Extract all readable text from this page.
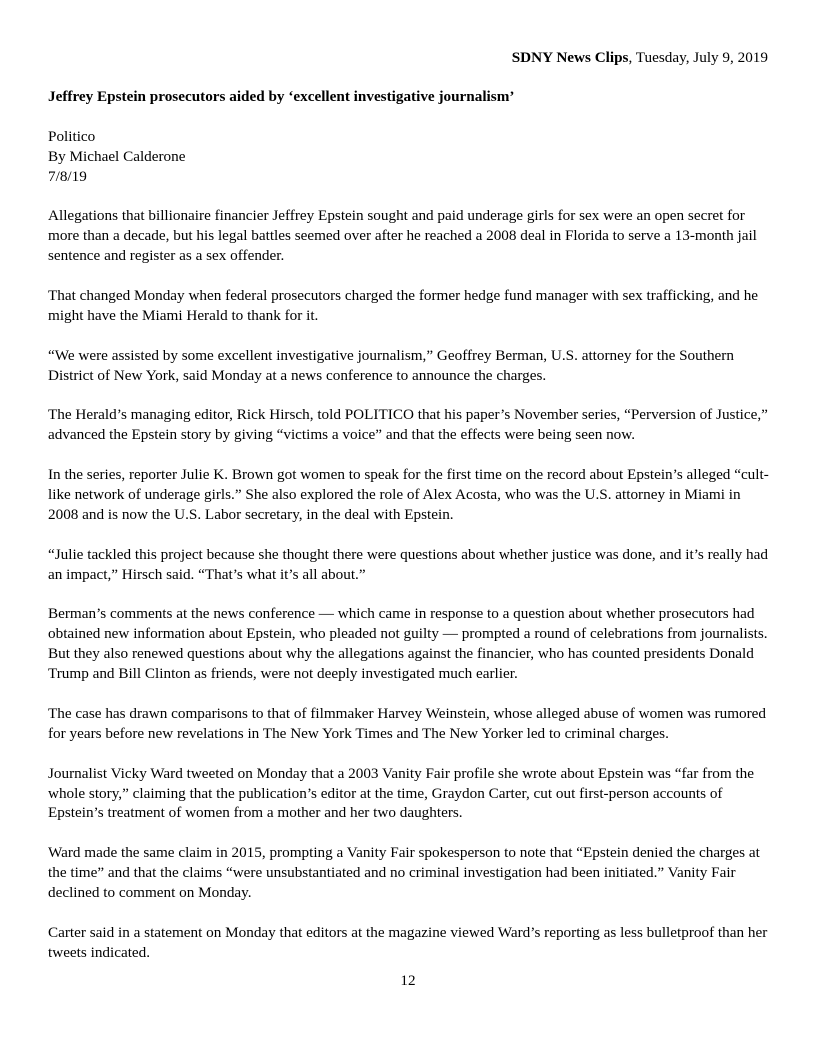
SDNY News Clips, Tuesday, July 9, 2019
Jeffrey Epstein prosecutors aided by ‘excellent investigative journalism’
Politico
By Michael Calderone
7/8/19

Allegations that billionaire financier Jeffrey Epstein sought and paid underage girls for sex were an open secret for more than a decade, but his legal battles seemed over after he reached a 2008 deal in Florida to serve a 13-month jail sentence and register as a sex offender.

That changed Monday when federal prosecutors charged the former hedge fund manager with sex trafficking, and he might have the Miami Herald to thank for it.

“We were assisted by some excellent investigative journalism,” Geoffrey Berman, U.S. attorney for the Southern District of New York, said Monday at a news conference to announce the charges.

The Herald’s managing editor, Rick Hirsch, told POLITICO that his paper’s November series, “Perversion of Justice,” advanced the Epstein story by giving “victims a voice” and that the effects were being seen now.

In the series, reporter Julie K. Brown got women to speak for the first time on the record about Epstein’s alleged “cult-like network of underage girls.” She also explored the role of Alex Acosta, who was the U.S. attorney in Miami in 2008 and is now the U.S. Labor secretary, in the deal with Epstein.

“Julie tackled this project because she thought there were questions about whether justice was done, and it’s really had an impact,” Hirsch said. “That’s what it’s all about.”

Berman’s comments at the news conference — which came in response to a question about whether prosecutors had obtained new information about Epstein, who pleaded not guilty — prompted a round of celebrations from journalists. But they also renewed questions about why the allegations against the financier, who has counted presidents Donald Trump and Bill Clinton as friends, were not deeply investigated much earlier.

The case has drawn comparisons to that of filmmaker Harvey Weinstein, whose alleged abuse of women was rumored for years before new revelations in The New York Times and The New Yorker led to criminal charges.

Journalist Vicky Ward tweeted on Monday that a 2003 Vanity Fair profile she wrote about Epstein was “far from the whole story,” claiming that the publication’s editor at the time, Graydon Carter, cut out first-person accounts of Epstein’s treatment of women from a mother and her two daughters.

Ward made the same claim in 2015, prompting a Vanity Fair spokesperson to note that “Epstein denied the charges at the time” and that the claims “were unsubstantiated and no criminal investigation had been initiated.” Vanity Fair declined to comment on Monday.

Carter said in a statement on Monday that editors at the magazine viewed Ward’s reporting as less bulletproof than her tweets indicated.

12
